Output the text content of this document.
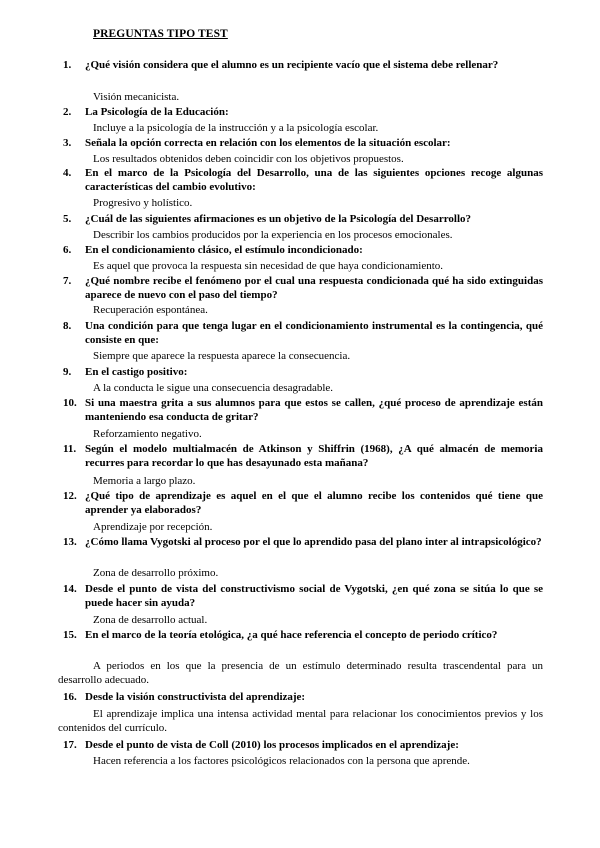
PREGUNTAS TIPO TEST
1. ¿Qué visión considera que el alumno es un recipiente vacío que el sistema debe rellenar?
Visión mecanicista.
2. La Psicología de la Educación:
Incluye a la psicología de la instrucción y a la psicología escolar.
3. Señala la opción correcta en relación con los elementos de la situación escolar:
Los resultados obtenidos deben coincidir con los objetivos propuestos.
4. En el marco de la Psicología del Desarrollo, una de las siguientes opciones recoge algunas características del cambio evolutivo:
Progresivo y holístico.
5. ¿Cuál de las siguientes afirmaciones es un objetivo de la Psicología del Desarrollo?
Describir los cambios producidos por la experiencia en los procesos emocionales.
6. En el condicionamiento clásico, el estímulo incondicionado:
Es aquel que provoca la respuesta sin necesidad de que haya condicionamiento.
7. ¿Qué nombre recibe el fenómeno por el cual una respuesta condicionada qué ha sido extinguidas aparece de nuevo con el paso del tiempo?
Recuperación espontánea.
8. Una condición para que tenga lugar en el condicionamiento instrumental es la contingencia, qué consiste en que:
Siempre que aparece la respuesta aparece la consecuencia.
9. En el castigo positivo:
A la conducta le sigue una consecuencia desagradable.
10. Si una maestra grita a sus alumnos para que estos se callen, ¿qué proceso de aprendizaje están manteniendo esa conducta de gritar?
Reforzamiento negativo.
11. Según el modelo multialmacén de Atkinson y Shiffrin (1968), ¿A qué almacén de memoria recurres para recordar lo que has desayunado esta mañana?
Memoria a largo plazo.
12. ¿Qué tipo de aprendizaje es aquel en el que el alumno recibe los contenidos qué tiene que aprender ya elaborados?
Aprendizaje por recepción.
13. ¿Cómo llama Vygotski al proceso por el que lo aprendido pasa del plano inter al intrapsicológico?
Zona de desarrollo próximo.
14. Desde el punto de vista del constructivismo social de Vygotski, ¿en qué zona se sitúa lo que se puede hacer sin ayuda?
Zona de desarrollo actual.
15. En el marco de la teoría etológica, ¿a qué hace referencia el concepto de periodo crítico?
A periodos en los que la presencia de un estímulo determinado resulta trascendental para un desarrollo adecuado.
16. Desde la visión constructivista del aprendizaje:
El aprendizaje implica una intensa actividad mental para relacionar los conocimientos previos y los contenidos del currículo.
17. Desde el punto de vista de Coll (2010) los procesos implicados en el aprendizaje:
Hacen referencia a los factores psicológicos relacionados con la persona que aprende.
